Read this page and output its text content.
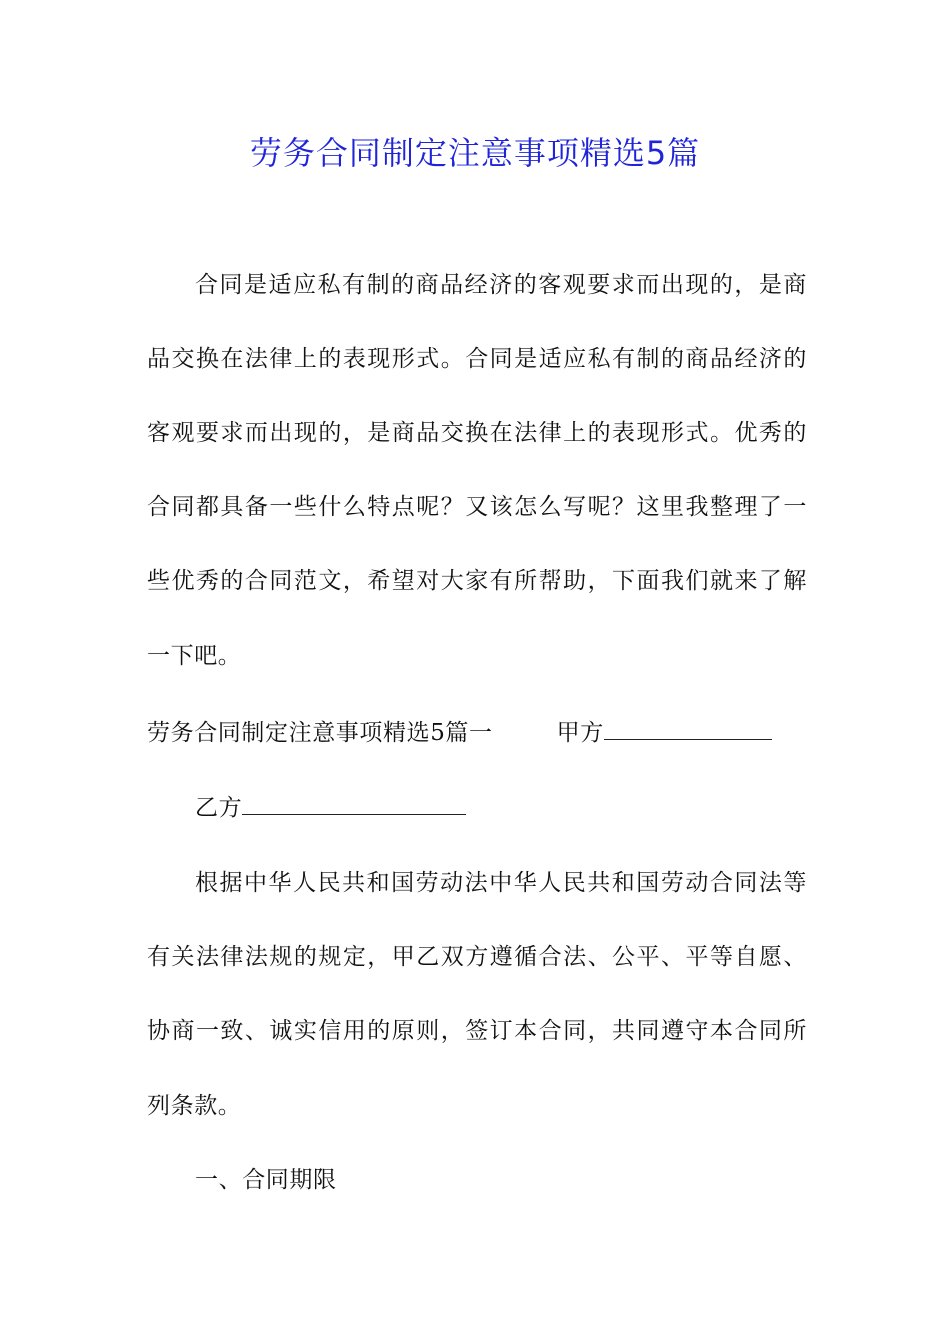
劳务合同制定注意事项精选5篇
合同是适应私有制的商品经济的客观要求而出现的，是商
品交换在法律上的表现形式。合同是适应私有制的商品经济的
客观要求而出现的，是商品交换在法律上的表现形式。优秀的
合同都具备一些什么特点呢？又该怎么写呢？这里我整理了一
些优秀的合同范文，希望对大家有所帮助，下面我们就来了解
一下吧。
劳务合同制定注意事项精选5篇一	甲方
乙方
根据中华人民共和国劳动法中华人民共和国劳动合同法等
有关法律法规的规定，甲乙双方遵循合法、公平、平等自愿、
协商一致、诚实信用的原则，签订本合同，共同遵守本合同所
列条款。
一、合同期限
